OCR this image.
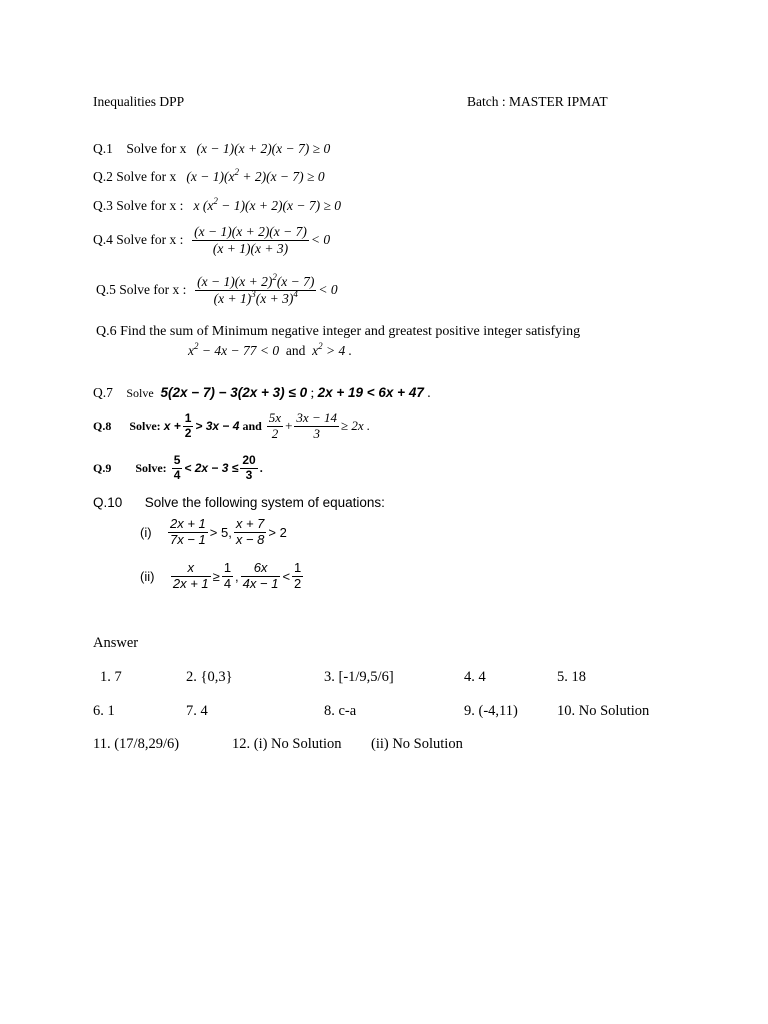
Inequalities DPP	Batch : MASTER IPMAT
Q.1 Solve for x (x − 1)(x + 2)(x − 7) ≥ 0
Q.2 Solve for x $(x - 1)(x^2 + 2)(x - 7) \ge 0$
Q.3 Solve for x : x $(x^2 - 1)(x + 2)(x - 7) \ge 0$
Q.4 Solve for x :
$\frac{(x - 1)(x + 2)(x - 7)}{(x + 1)(x + 3)} < 0$
Q.5 Solve for x :
$\frac{(x - 1)(x + 2)^2(x - 7)}{(x + 1)^3(x + 3)^4} < 0$
Q.6 Find the sum of Minimum negative integer and greatest positive integer satisfying
$x^2 - 4x - 77 < 0$ and $x^2 > 4$ .
Q.7 Solve 5(2x − 7) − 3(2x + 3) ≤ 0 ; 2x + 19 < 6x + 47 .
Q.8
Solve:
$x + \frac{1}{2} > 3x - 4$
and
$\frac{5x}{2} + \frac{3x - 14}{3} \ge 2x$ .
Q.9
Solve:
$\frac{5}{4} < 2x - 3 \le \frac{20}{3}$ .
Q.10 Solve the following system of equations:
(i)
$\frac{2x + 1}{7x - 1} > 5$, $\frac{x + 7}{x - 8} > 2$
(ii)
$\frac{x}{2x + 1} \ge \frac{1}{4}$ , $\frac{6x}{4x - 1} < \frac{1}{2}$
Answer
1. 7	2. {0,3}	3. [-1/9,5/6]	4. 4	5. 18
6. 1	7. 4	8. c-a	9. (-4,11)	10. No Solution
11. (17/8,29/6)	12. (i) No Solution (ii) No Solution
